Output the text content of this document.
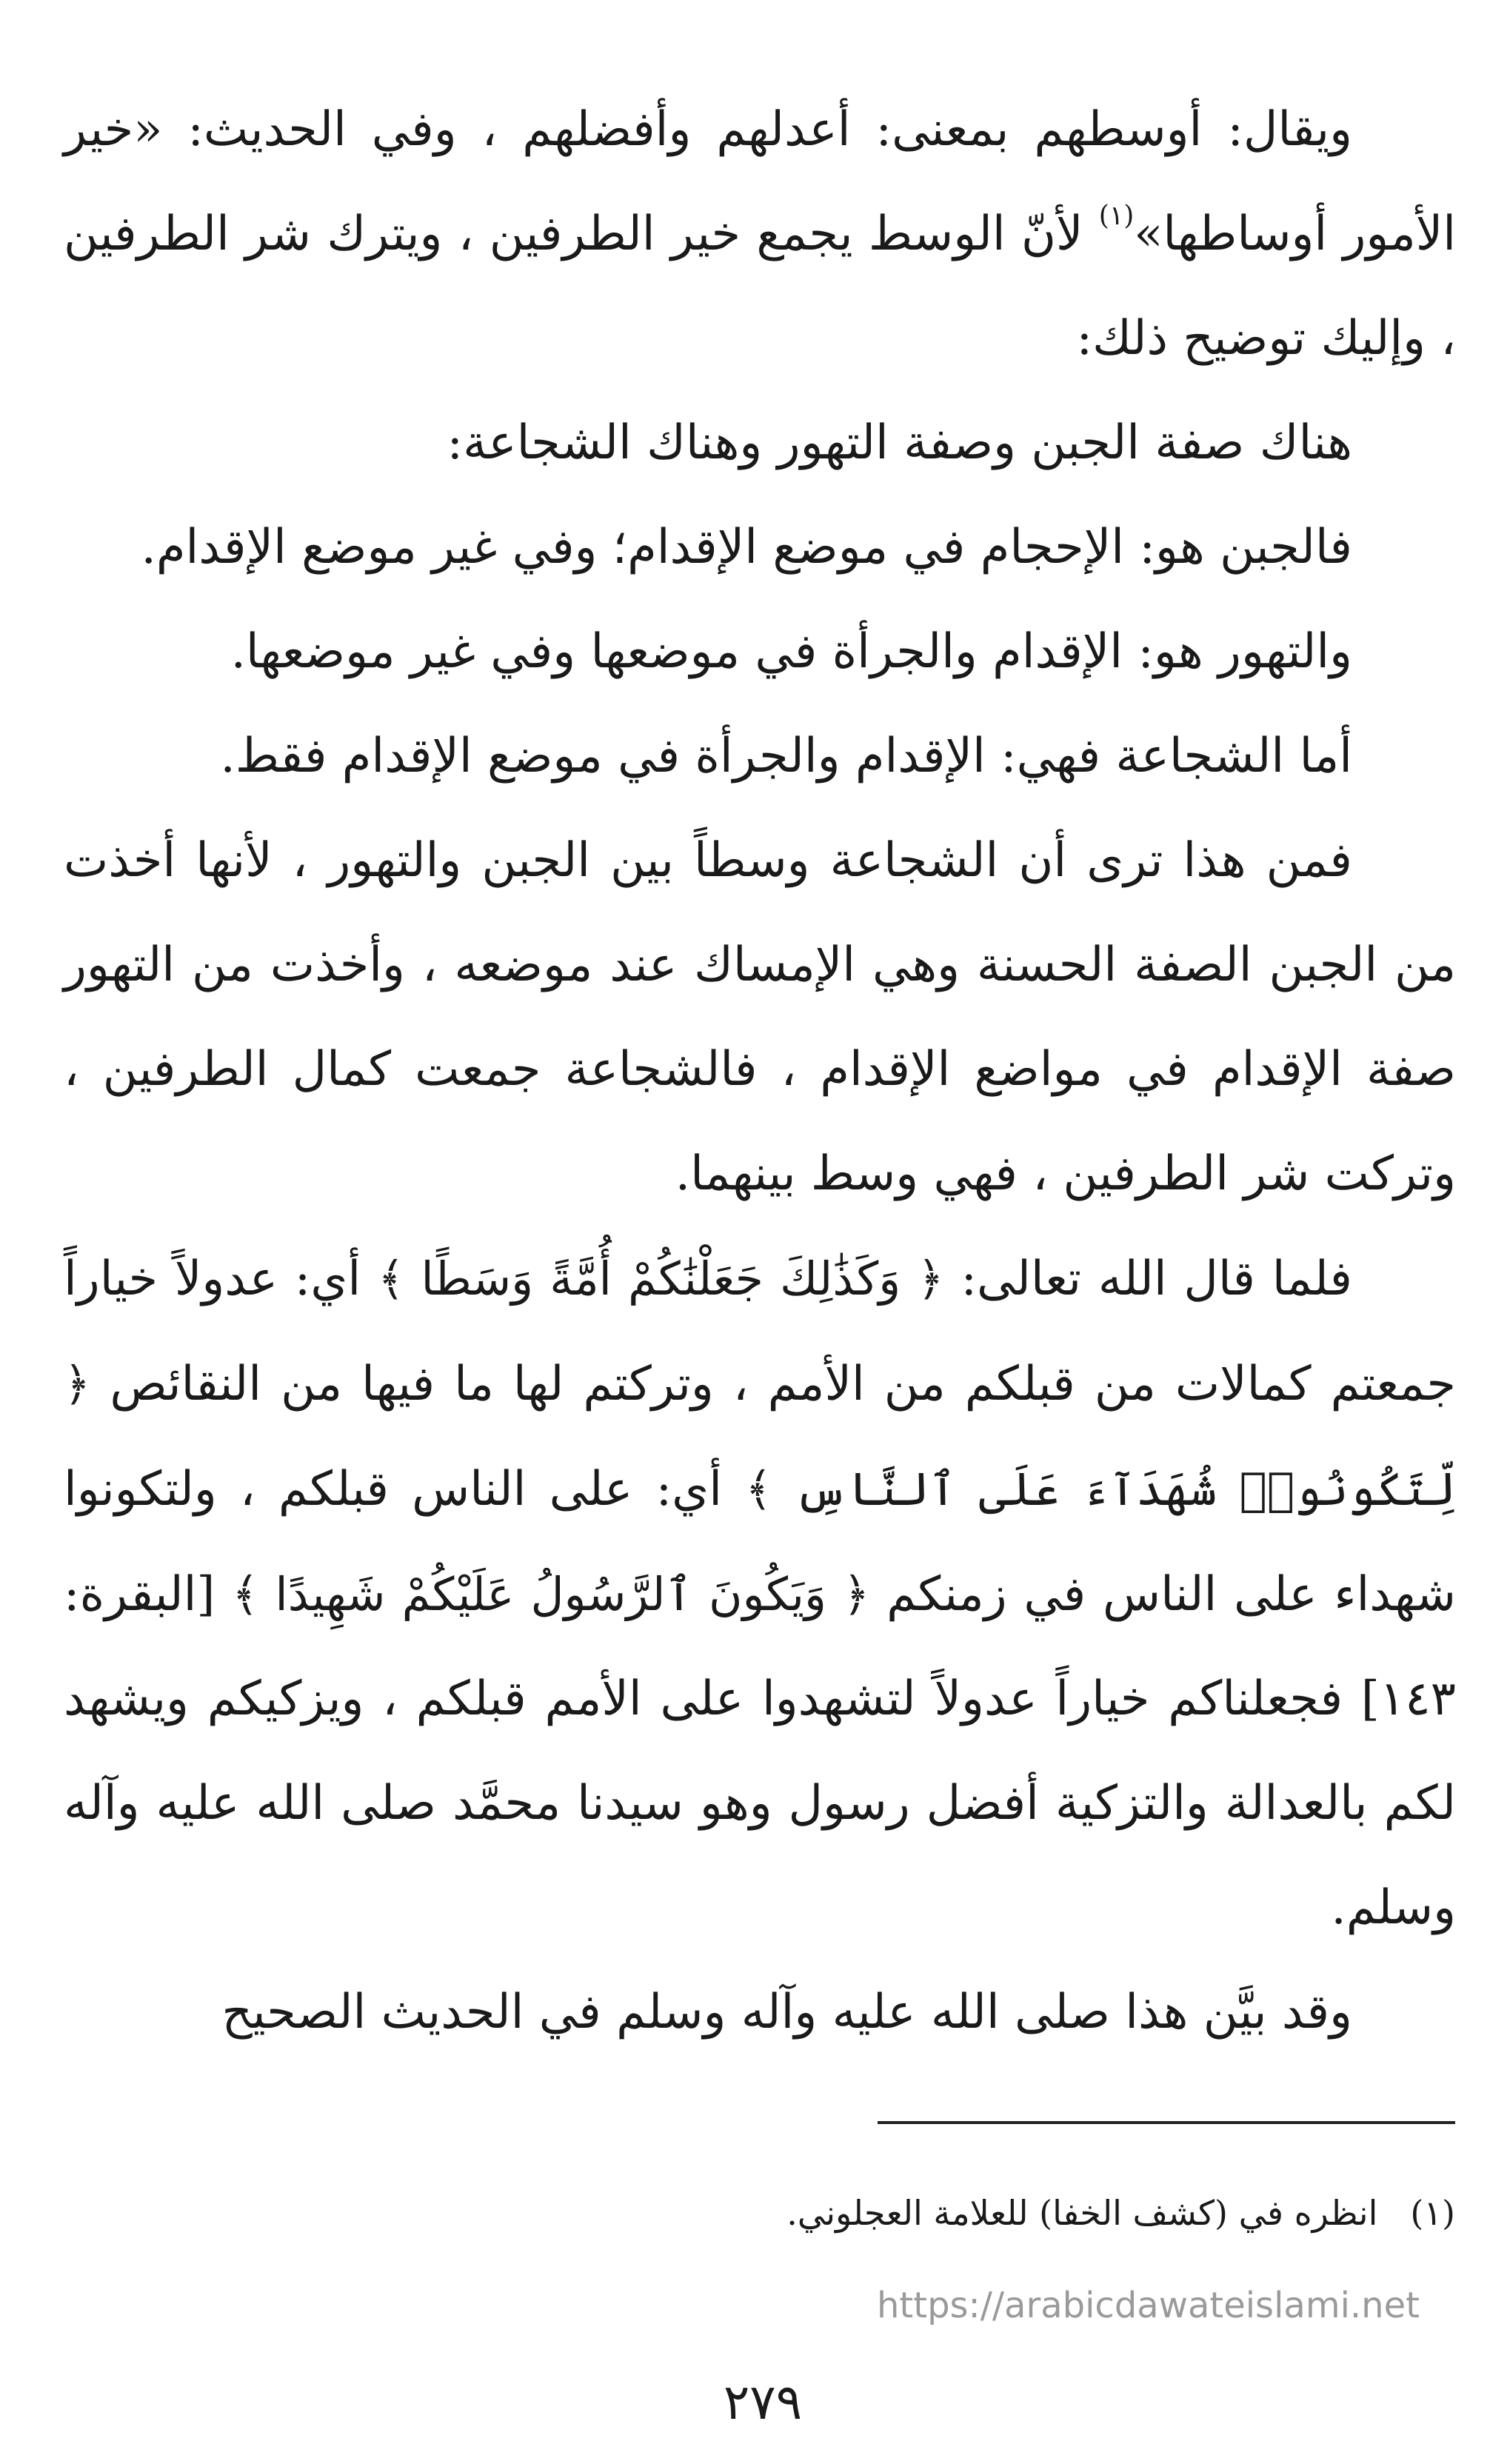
ويقال: أوسطهم بمعنى: أعدلهم وأفضلهم ، وفي الحديث: «خير الأمور أوساطها»$^{(١)}$ لأنّ الوسط يجمع خير الطرفين ، ويترك شر الطرفين ، وإليك توضيح ذلك:

هناك صفة الجبن وصفة التهور وهناك الشجاعة:

فالجبن هو: الإحجام في موضع الإقدام؛ وفي غير موضع الإقدام.

والتهور هو: الإقدام والجرأة في موضعها وفي غير موضعها.

أما الشجاعة فهي: الإقدام والجرأة في موضع الإقدام فقط.

فمن هذا ترى أن الشجاعة وسطاً بين الجبن والتهور ، لأنها أخذت من الجبن الصفة الحسنة وهي الإمساك عند موضعه ، وأخذت من التهور صفة الإقدام في مواضع الإقدام ، فالشجاعة جمعت كمال الطرفين ، وتركت شر الطرفين ، فهي وسط بينهما.

فلما قال الله تعالى: ﴿ وَكَذَٰلِكَ جَعَلْنَٰكُمْ أُمَّةً وَسَطًا ﴾ أي: عدولاً خياراً جمعتم كمالات من قبلكم من الأمم ، وتركتم لها ما فيها من النقائص ﴿ لِّتَكُونُوا۟ شُهَدَآءَ عَلَى ٱلنَّاسِ ﴾ أي: على الناس قبلكم ، ولتكونوا شهداء على الناس في زمنكم ﴿ وَيَكُونَ ٱلرَّسُولُ عَلَيْكُمْ شَهِيدًا ﴾ [البقرة: ١٤٣] فجعلناكم خياراً عدولاً لتشهدوا على الأمم قبلكم ، ويزكيكم ويشهد لكم بالعدالة والتزكية أفضل رسول وهو سيدنا محمَّد صلى الله عليه وآله وسلم.

وقد بيَّن هذا صلى الله عليه وآله وسلم في الحديث الصحيح

(١)انظره في (كشف الخفا) للعلامة العجلوني.
https://arabicdawateislami.net
٢٧٩
